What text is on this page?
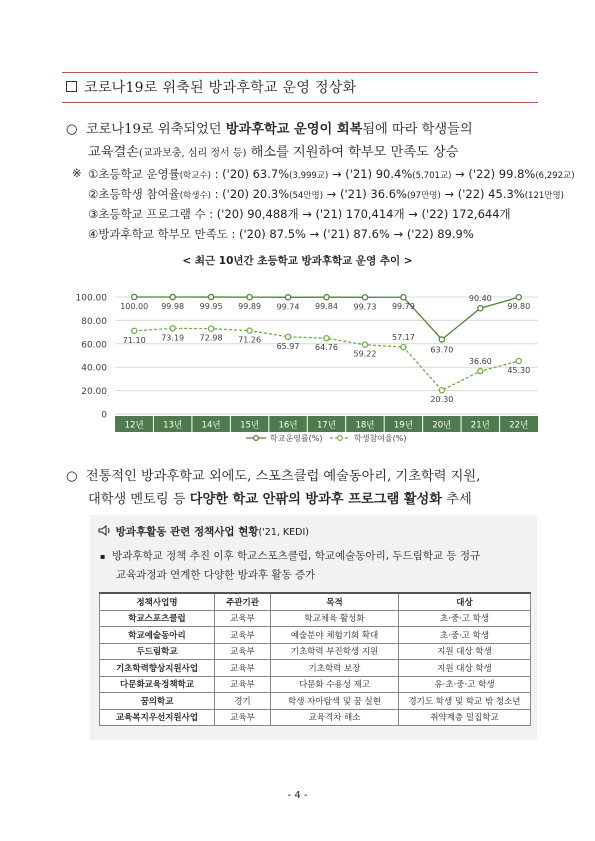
코로나19로 위축된 방과후학교 운영 정상화
○ 코로나19로 위축되었던 방과후학교 운영이 회복됨에 따라 학생들의
교육결손(교과보충, 심리 정서 등) 해소를 지원하여 학부모 만족도 상승
※ ①초등학교 운영률(학교수) : ('20) 63.7%(3,999교) → ('21) 90.4%(5,701교) → ('22) 99.8%(6,292교)
②초등학생 참여율(학생수) : ('20) 20.3%(54만명) → ('21) 36.6%(97만명) → ('22) 45.3%(121만명)
③초등학교 프로그램 수 : ('20) 90,488개 → ('21) 170,414개 → ('22) 172,644개
④방과후학교 학부모 만족도 : ('20) 87.5% → ('21) 87.6% → ('22) 89.9%
< 최근 10년간 초등학교 방과후학교 운영 추이 >
0
20.00
40.00
60.00
80.00
100.00
12년 13년 14년 15년 16년 17년 18년 19년 20년 21년 22년
100.00 99.98 99.95 99.89 99.74 99.84 99.73 99.79
63.70
90.40
99.80
71.10 73.19 72.98 71.26
65.97 64.76
59.22
57.17
20.30
36.60
45.30
학교운영률(%)	학생참여율(%)
○ 전통적인 방과후학교 외에도, 스포츠클럽 예술동아리, 기초학력 지원,
대학생 멘토링 등 다양한 학교 안팎의 방과후 프로그램 활성화 추세
방과후활동 관련 정책사업 현황('21, KEDI)
▪ 방과후학교 정책 추진 이후 학교스포츠클럽, 학교예술동아리, 두드림학교 등 정규
교육과정과 연계한 다양한 방과후 활동 증가
정책사업명	주관기관	목적	대상
학교스포츠클럽	교육부	학교체육 활성화	초·중·고 학생
학교예술동아리	교육부	예술분야 체험기회 확대	초·중·고 학생
두드림학교	교육부	기초학력 부진학생 지원	지원 대상 학생
기초학력향상지원사업	교육부	기초학력 보장	지원 대상 학생
다문화교육정책학교	교육부	다문화 수용성 제고	유·초·중·고 학생
꿈의학교	경기	학생 자아탐색 및 꿈 실현	경기도 학생 및 학교 밖 청소년
교육복지우선지원사업	교육부	교육격차 해소	취약계층 밀집학교
- 4 -
